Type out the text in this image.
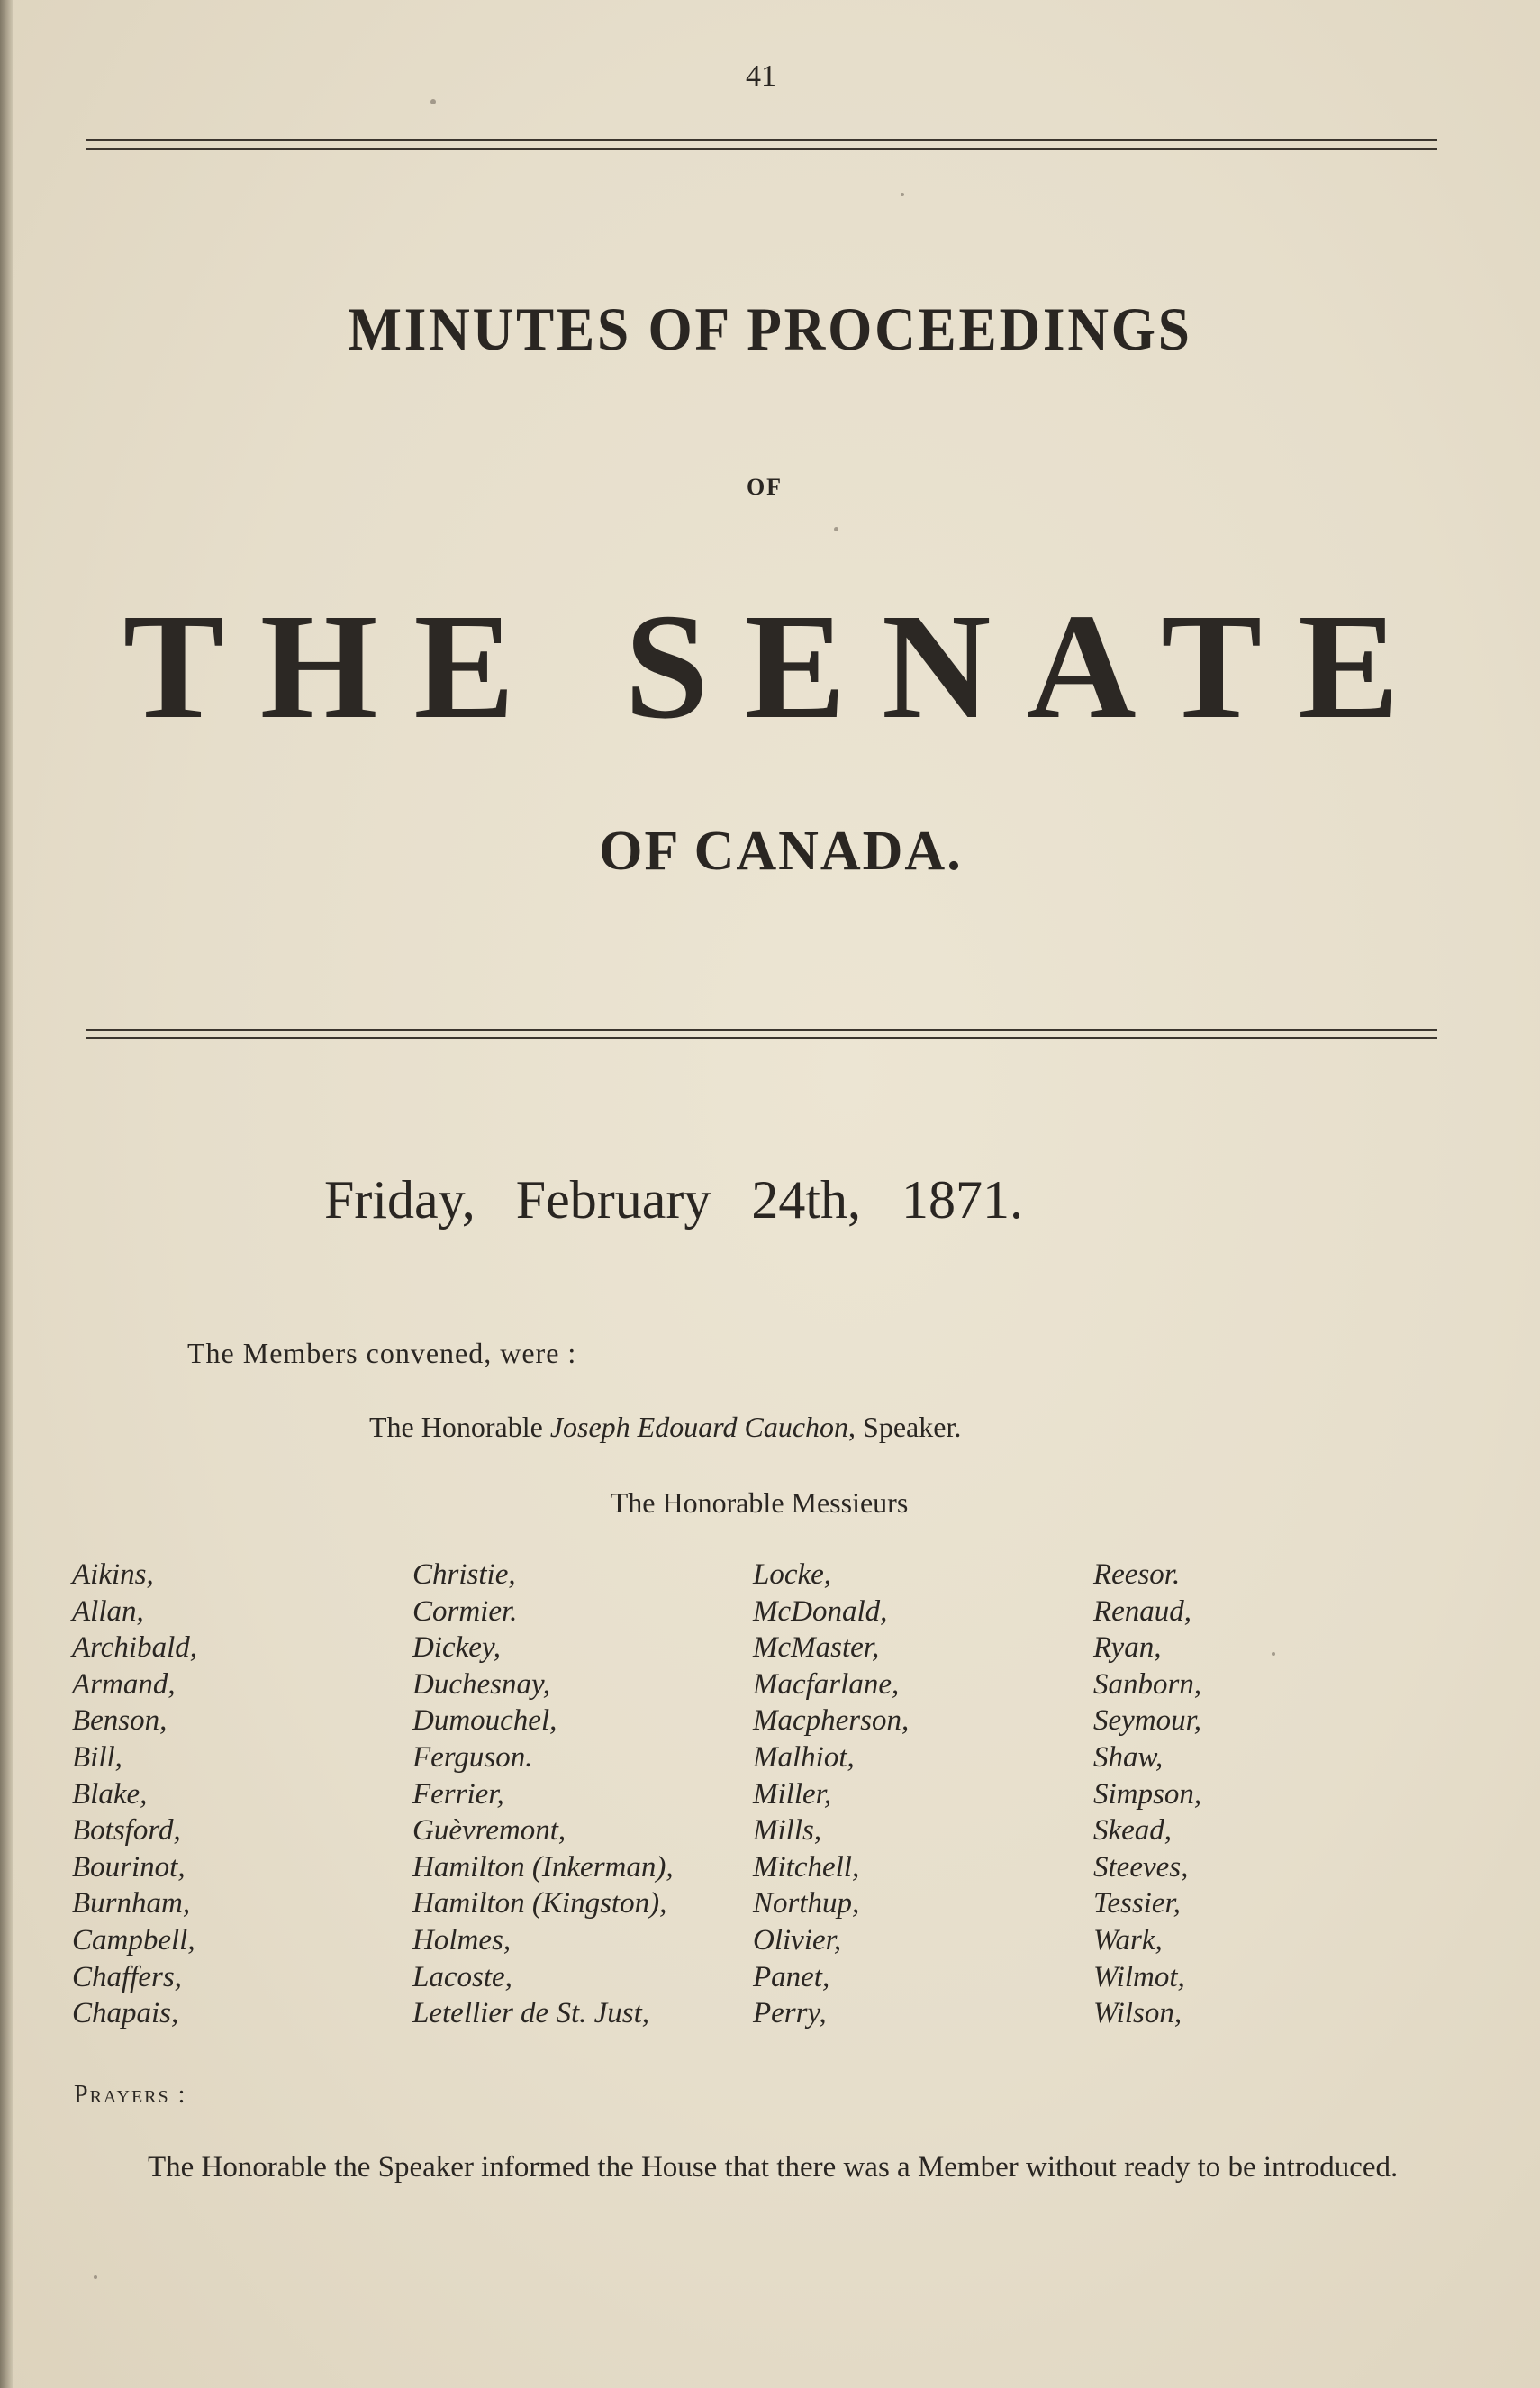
41
MINUTES OF PROCEEDINGS
OF
THE SENATE
OF CANADA.
Friday, February 24th, 1871.
The Members convened, were :
The Honorable Joseph Edouard Cauchon, Speaker.
The Honorable Messieurs
Aikins,
Allan,
Archibald,
Armand,
Benson,
Bill,
Blake,
Botsford,
Bourinot,
Burnham,
Campbell,
Chaffers,
Chapais,
Christie,
Cormier.
Dickey,
Duchesnay,
Dumouchel,
Ferguson.
Ferrier,
Guèvremont,
Hamilton (Inkerman),
Hamilton (Kingston),
Holmes,
Lacoste,
Letellier de St. Just,
Locke,
McDonald,
McMaster,
Macfarlane,
Macpherson,
Malhiot,
Miller,
Mills,
Mitchell,
Northup,
Olivier,
Panet,
Perry,
Reesor.
Renaud,
Ryan,
Sanborn,
Seymour,
Shaw,
Simpson,
Skead,
Steeves,
Tessier,
Wark,
Wilmot,
Wilson,
Prayers :
The Honorable the Speaker informed the House that there was a Member without ready to be introduced.
